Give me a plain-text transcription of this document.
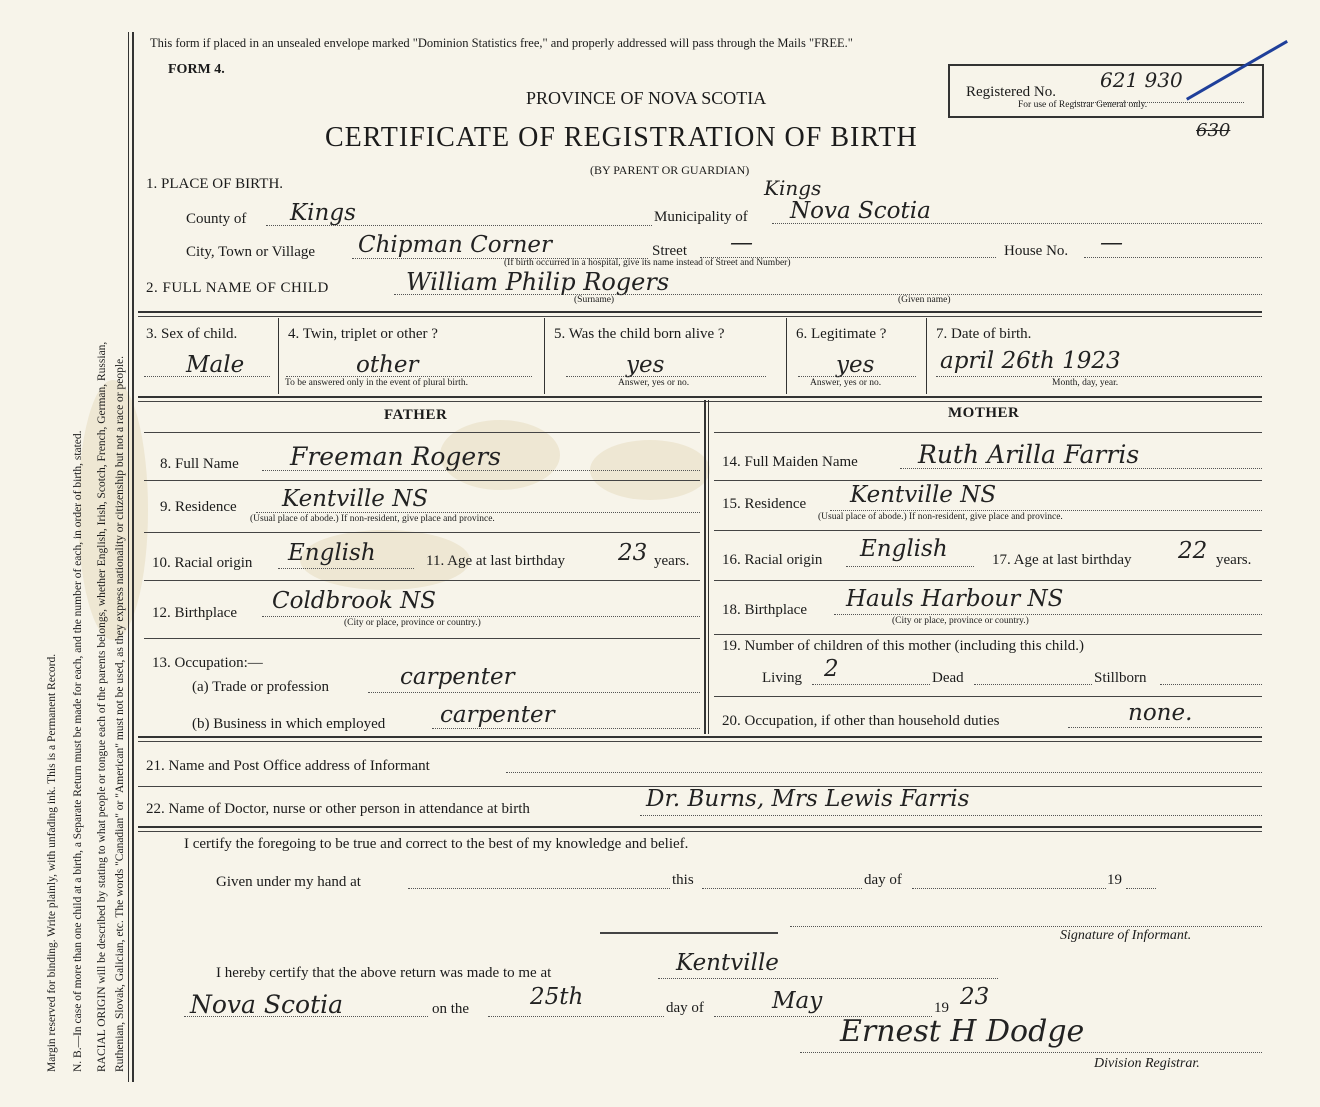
Margin reserved for binding. Write plainly, with unfading ink. This is a Permanent Record. N. B.—In case of more than one child at a birth, a Separate Return must be made for each, and the number of each, in order of birth, stated. RACIAL ORIGIN will be described by stating to what people or tongue each of the parents belongs, whether English, Irish, Scotch, French, German, Russian, Ruthenian, Slovak, Galician, etc. The words "Canadian" or "American" must not be used, as they express nationality or citizenship but not a race or people.
This form if placed in an unsealed envelope marked "Dominion Statistics free," and properly addressed will pass through the Mails "FREE."
FORM 4.
PROVINCE OF NOVA SCOTIA
CERTIFICATE OF REGISTRATION OF BIRTH
(BY PARENT OR GUARDIAN)
Registered No. 621 930
For use of Registrar General only.
630
1. PLACE OF BIRTH.
County of Kings	Municipality of
Kings
Nova Scotia
City, Town or Village Chipman Corner	Street —	House No. —
(If birth occurred in a hospital, give its name instead of Street and Number)
2. FULL NAME OF CHILD	William Philip Rogers
(Surname)	(Given name)
3. Sex of child.
Male
4. Twin, triplet or other ?
other
To be answered only in the event of plural birth.
5. Was the child born alive ?
yes
Answer, yes or no.
6. Legitimate ?
yes
Answer, yes or no.
7. Date of birth.
april 26th 1923
Month, day, year.
FATHER
8. Full Name Freeman Rogers
9. Residence Kentville NS
(Usual place of abode.) If non-resident, give place and province.
10. Racial origin English	11. Age at last birthday 23 years.
12. Birthplace Coldbrook NS
(City or place, province or country.)
13. Occupation:—
(a) Trade or profession	carpenter
(b) Business in which employed carpenter
MOTHER
14. Full Maiden Name Ruth Arilla Farris
15. Residence Kentville NS
(Usual place of abode.) If non-resident, give place and province.
16. Racial origin English	17. Age at last birthday 22 years.
18. Birthplace Hauls Harbour NS
(City or place, province or country.)
19. Number of children of this mother (including this child.)
Living 2	Dead	Stillborn
20. Occupation, if other than household duties	none.
21. Name and Post Office address of Informant
22. Name of Doctor, nurse or other person in attendance at birth	Dr. Burns, Mrs Lewis Farris
I certify the foregoing to be true and correct to the best of my knowledge and belief.
Given under my hand at	this	day of	19
Signature of Informant.
I hereby certify that the above return was made to me at	Kentville
Nova Scotia	on the	25th	day of	May	19 23
Ernest H Dodge
Division Registrar.
